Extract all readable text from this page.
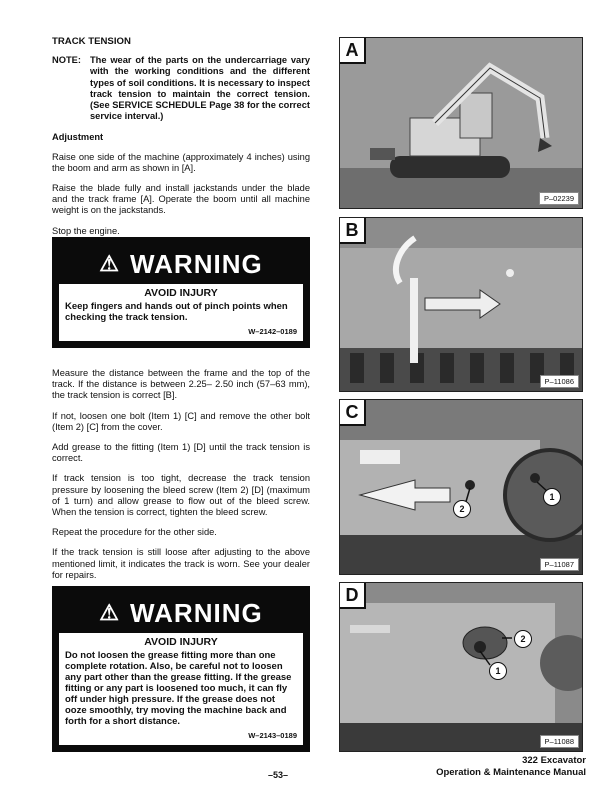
TRACK TENSION
NOTE: The wear of the parts on the undercarriage vary with the working conditions and the different types of soil conditions. It is necessary to inspect track tension to maintain the correct tension. (See SERVICE SCHEDULE Page 38 for the correct service interval.)
Adjustment

Raise one side of the machine (approximately 4 inches) using the boom and arm as shown in [A].

Raise the blade fully and install jackstands under the blade and the track frame [A]. Operate the boom until all machine weight is on the jackstands.

Stop the engine.

⚠ WARNING
AVOID INJURY
Keep fingers and hands out of pinch points when checking the track tension.
W–2142–0189

Measure the distance between the frame and the top of the track. If the distance is between 2.25– 2.50 inch (57–63 mm), the track tension is correct [B].

If not, loosen one bolt (Item 1) [C] and remove the other bolt (Item 2) [C] from the cover.

Add grease to the fitting (Item 1) [D] until the track tension is correct.

If track tension is too tight, decrease the track tension pressure by loosening the bleed screw (Item 2) [D] (maximum of 1 turn) and allow grease to flow out of the bleed screw. When the tension is correct, tighten the bleed screw.

Repeat the procedure for the other side.

If the track tension is still loose after adjusting to the above mentioned limit, it indicates the track is worn. See your dealer for repairs.

⚠ WARNING
AVOID INJURY
Do not loosen the grease fitting more than one complete rotation. Also, be careful not to loosen any part other than the grease fitting. If the grease fitting or any part is loosened too much, it can fly off under high pressure. If the grease does not ooze smoothly, try moving the machine back and forth for a short distance.
W–2143–0189
A
P–02239
B
P–11086
2
1
C
P–11087
2
1
D
P–11088
–53–
322 Excavator
Operation & Maintenance Manual
